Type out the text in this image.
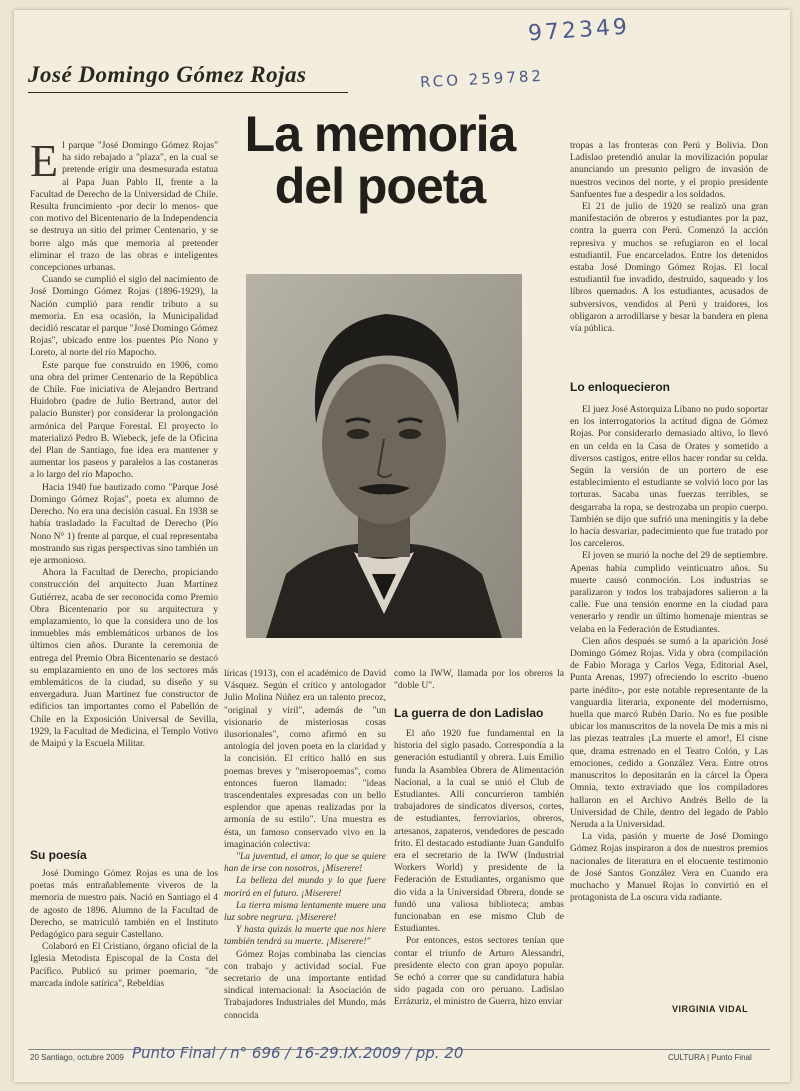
972349
RCO 259782
José Domingo Gómez Rojas
La memoria
del poeta

El parque "José Domingo Gómez Rojas" ha sido rebajado a "plaza", en la cual se pretende erigir una desmesurada estatua al Papa Juan Pablo II, frente a la Facultad de Derecho de la Universidad de Chile. Resulta fruncimiento -por decir lo menos- que con motivo del Bicentenario de la Independencia se destruya un sitio del primer Centenario, y se borre algo más que memoria al pretender eliminar el trazo de las obras e inteligentes concepciones urbanas.

Cuando se cumplió el siglo del nacimiento de José Domingo Gómez Rojas (1896-1929), la Nación cumplió para rendir tributo a su memoria. En esa ocasión, la Municipalidad decidió rescatar el parque "José Domingo Gómez Rojas", ubicado entre los puentes Pío Nono y Loreto, al norte del río Mapocho.

Este parque fue construido en 1906, como una obra del primer Centenario de la República de Chile. Fue iniciativa de Alejandro Bertrand Huidobro (padre de Julio Bertrand, autor del palacio Bunster) por considerar la prolongación armónica del Parque Forestal. El proyecto lo materializó Pedro B. Wiebeck, jefe de la Oficina del Plan de Santiago, fue idea era mantener y aumentar los paseos y paralelos a las costaneras a lo largo del río Mapocho.

Hacia 1940 fue bautizado como "Parque José Domingo Gómez Rojas", poeta ex alumno de Derecho. No era una decisión casual. En 1938 se había trasladado la Facultad de Derecho (Pío Nono N° 1) frente al parque, el cual representaba mostrando sus rigas perspectivas sino también un eje armonioso.

Ahora la Facultad de Derecho, propiciando construcción del arquitecto Juan Martínez Gutiérrez, acaba de ser reconocida como Premio Obra Bicentenario por su arquitectura y emplazamiento, lo que la considera uno de los inmuebles más emblemáticos urbanos de los últimos cien años. Durante la ceremonia de entrega del Premio Obra Bicentenario se destacó su emplazamiento en uno de los sectores más emblemáticos de la ciudad, su diseño y su envergadura. Juan Martínez fue constructor de edificios tan importantes como el Pabellón de Chile en la Exposición Universal de Sevilla, 1929, la Facultad de Medicina, el Templo Votivo de Maipú y la Escuela Militar.

Su poesía

José Domingo Gómez Rojas es una de los poetas más entrañablemente viveros de la memoria de nuestro país. Nació en Santiago el 4 de agosto de 1896. Alumno de la Facultad de Derecho, se matriculó también en el Instituto Pedagógico para seguir Castellano.

Colaboró en El Cristiano, órgano oficial de la Iglesia Metodista Episcopal de la Costa del Pacífico. Publicó su primer poemario, "de marcada índole satírica", Rebeldías

líricas (1913), con el académico de David Vásquez. Según el crítico y antologador Julio Molina Núñez era un talento precoz, "original y viril", además de "un visionario de misteriosas cosas ilusorionales", como afirmó en su antología del joven poeta en la claridad y la concisión. El crítico halló en sus poemas breves y "miseropoemas", como entonces fueron llamado: "ideas trascendentales expresadas con un bello esplendor que apenas realizadas por la armonía de su estilo". Una muestra es ésta, un famoso conservado vivo en la imaginación colectiva:

"La juventud, el amor, lo que se quiere han de irse con nosotros, ¡Miserere!

La belleza del mundo y lo que fuere morirá en el futuro. ¡Miserere!

La tierra misma lentamente muere una luz sobre negrura. ¡Miserere!

Y hasta quizás la muerte que nos hiere también tendrá su muerte. ¡Miserere!"

Gómez Rojas combinaba las ciencias con trabajo y actividad social. Fue secretario de una importante entidad sindical internacional: la Asociación de Trabajadores Industriales del Mundo, más conocida

como la IWW, llamada por los obreros la "doble U".

La guerra de don Ladislao

El año 1920 fue fundamental en la historia del siglo pasado. Correspondía a la generación estudiantil y obrera. Luis Emilio funda la Asamblea Obrera de Alimentación Nacional, a la cual se unió el Club de Estudiantes. Allí concurrieron también trabajadores de sindicatos diversos, cortes, de estudiantes, ferroviarios, obreros, artesanos, zapateros, vendedores de pescado frito. El destacado estudiante Juan Gandulfo era el secretario de la IWW (Industrial Workers World) y presidente de la Federación de Estudiantes, organismo que dio vida a la Universidad Obrera, donde se fundó una valiosa biblioteca; ambas funcionaban en ese mismo Club de Estudiantes.

Por entonces, estos sectores tenían que contar el triunfo de Arturo Alessandri, presidente electo con gran apoyo popular. Se echó a correr que su candidatura había sido pagada con oro peruano. Ladislao Errázuriz, el ministro de Guerra, hizo enviar

tropas a las fronteras con Perú y Bolivia. Don Ladislao pretendió anular la movilización popular anunciando un presunto peligro de invasión de nuestros vecinos del norte, y el propio presidente Sanfuentes fue a despedir a los soldados.

El 21 de julio de 1920 se realizó una gran manifestación de obreros y estudiantes por la paz, contra la guerra con Perú. Comenzó la acción represiva y muchos se refugiaron en el local estudiantil. Fue encarcelados. Entre los detenidos estaba José Domingo Gómez Rojas. El local estudiantil fue invadido, destruido, saqueado y los libros quemados. A los estudiantes, acusados de subversivos, vendidos al Perú y traidores, los obligaron a arrodillarse y besar la bandera en plena vía pública.

Lo enloquecieron

El juez José Astorquiza Líbano no pudo soportar en los interrogatorios la actitud digna de Gómez Rojas. Por considerarlo demasiado altivo, lo llevó en un celda en la Casa de Orates y sometido a diversos castigos, entre ellos hacer rondar su celda. Según la versión de un portero de ese establecimiento el estudiante se volvió loco por las torturas. Sacaba unas fuerzas terribles, se desgarraba la ropa, se destrozaba un propio cuerpo. También se dijo que sufrió una meningitis y la debe lo hacía desvariar, padecimiento que fue tratado por los carceleros.

El joven se murió la noche del 29 de septiembre. Apenas había cumplido veinticuatro años. Su muerte causó conmoción. Los industrias se paralizaron y todos los trabajadores salieron a la calle. Fue una tensión enorme en la ciudad para venerarlo y rendir un último homenaje mientras se velaba en la Federación de Estudiantes.

Cien años después se sumó a la aparición José Domingo Gómez Rojas. Vida y obra (compilación de Fabio Moraga y Carlos Vega, Editorial Asel, Punta Arenas, 1997) ofreciendo lo escrito -bueno parte inédito-, por este notable representante de la vanguardia literaria, exponente del modernismo, huella que marcó Rubén Darío. No es fue posible ubicar los manuscritos de la novela De mis a mis ni las piezas teatrales ¡La muerte el amor!, El cisne que, drama estrenado en el Teatro Colón, y Las emociones, cedido a González Vera. Entre otros manuscritos lo depositarán en la cárcel la Ópera Omnia, texto extraviado que los compiladores hallaron en el Archivo Andrés Bello de la Universidad de Chile, dentro del legado de Pablo Neruda a la Universidad.

La vida, pasión y muerte de José Domingo Gómez Rojas inspiraron a dos de nuestros premios nacionales de literatura en el elocuente testimonio de José Santos González Vera en Cuando era muchacho y Manuel Rojas lo convirtió en el protagonista de La oscura vida radiante.

VIRGINIA VIDAL
20 Santiago, octubre 2009 Punto Final / n° 696 / 16-29.IX.2009 / pp. 20	CULTURA | Punto Final
